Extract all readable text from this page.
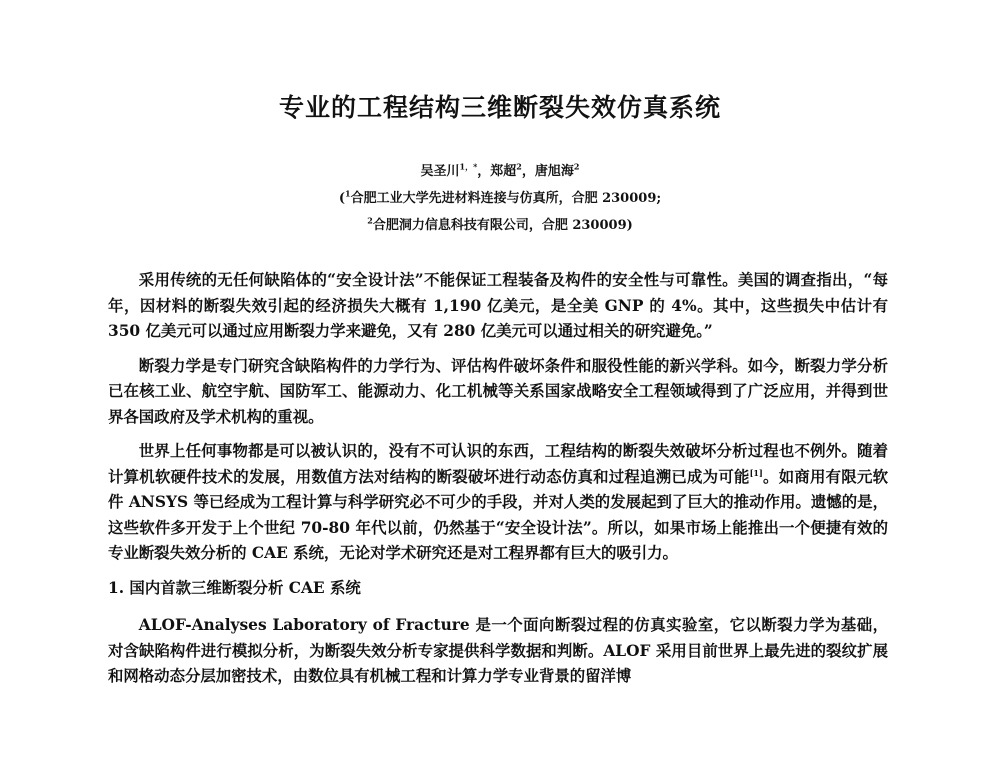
专业的工程结构三维断裂失效仿真系统
吴圣川$^{1,*}$，郑超$^2$，唐旭海$^2$
($^1$合肥工业大学先进材料连接与仿真所，合肥 230009;
$^2$合肥洞力信息科技有限公司，合肥 230009)

采用传统的无任何缺陷体的“安全设计法”不能保证工程装备及构件的安全性与可靠性。美国的调查指出，“每年，因材料的断裂失效引起的经济损失大概有 1,190 亿美元，是全美 GNP 的 4%。其中，这些损失中估计有 350 亿美元可以通过应用断裂力学来避免，又有 280 亿美元可以通过相关的研究避免。”

断裂力学是专门研究含缺陷构件的力学行为、评估构件破坏条件和服役性能的新兴学科。如今，断裂力学分析已在核工业、航空宇航、国防军工、能源动力、化工机械等关系国家战略安全工程领域得到了广泛应用，并得到世界各国政府及学术机构的重视。

世界上任何事物都是可以被认识的，没有不可认识的东西，工程结构的断裂失效破坏分析过程也不例外。随着计算机软硬件技术的发展，用数值方法对结构的断裂破坏进行动态仿真和过程追溯已成为可能[1]。如商用有限元软件 ANSYS 等已经成为工程计算与科学研究必不可少的手段，并对人类的发展起到了巨大的推动作用。遗憾的是，这些软件多开发于上个世纪 70-80 年代以前，仍然基于“安全设计法”。所以，如果市场上能推出一个便捷有效的专业断裂失效分析的 CAE 系统，无论对学术研究还是对工程界都有巨大的吸引力。

1. 国内首款三维断裂分析 CAE 系统

ALOF-Analyses Laboratory of Fracture 是一个面向断裂过程的仿真实验室，它以断裂力学为基础，对含缺陷构件进行模拟分析，为断裂失效分析专家提供科学数据和判断。ALOF 采用目前世界上最先进的裂纹扩展和网格动态分层加密技术，由数位具有机械工程和计算力学专业背景的留洋博
